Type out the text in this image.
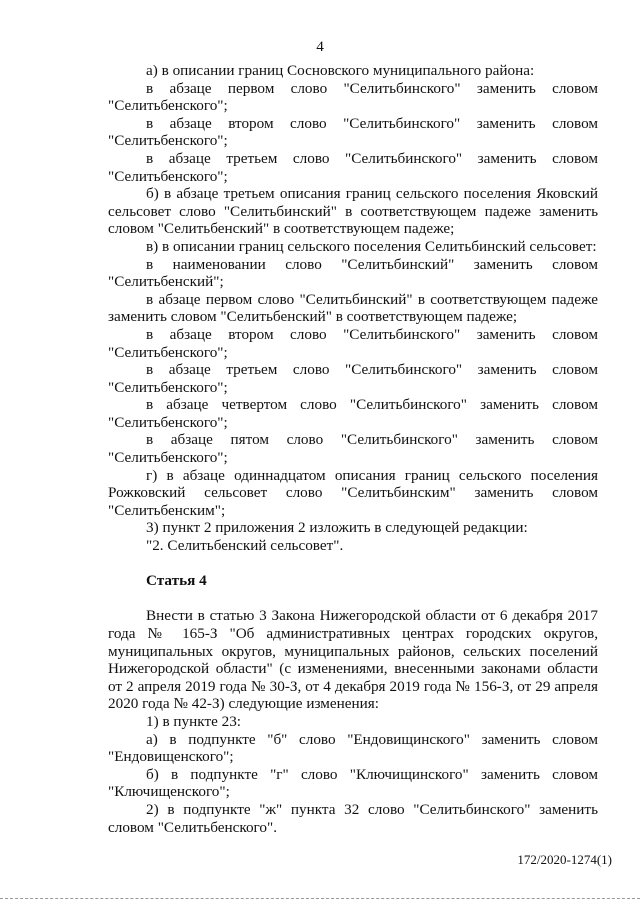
4

а) в описании границ Сосновского муниципального района:

в абзаце первом слово "Селитьбинского" заменить словом

"Селитьбенского";

в абзаце втором слово "Селитьбинского" заменить словом

"Селитьбенского";

в абзаце третьем слово "Селитьбинского" заменить словом

"Селитьбенского";

б) в абзаце третьем описания границ сельского поселения Яковский сельсовет слово "Селитьбинский" в соответствующем падеже заменить словом "Селитьбенский" в соответствующем падеже;

в) в описании границ сельского поселения Селитьбинский сельсовет:

в наименовании слово "Селитьбинский" заменить словом

"Селитьбенский";

в абзаце первом слово "Селитьбинский" в соответствующем падеже заменить словом "Селитьбенский" в соответствующем падеже;

в абзаце втором слово "Селитьбинского" заменить словом

"Селитьбенского";

в абзаце третьем слово "Селитьбинского" заменить словом

"Селитьбенского";

в абзаце четвертом слово "Селитьбинского" заменить словом

"Селитьбенского";

в абзаце пятом слово "Селитьбинского" заменить словом

"Селитьбенского";

г) в абзаце одиннадцатом описания границ сельского поселения Рожковский сельсовет слово "Селитьбинским" заменить словом "Селитьбенским";

3) пункт 2 приложения 2 изложить в следующей редакции:

"2. Селитьбенский сельсовет".

Статья 4

Внести в статью 3 Закона Нижегородской области от 6 декабря 2017 года № 165-З "Об административных центрах городских округов, муниципальных округов, муниципальных районов, сельских поселений Нижегородской области" (с изменениями, внесенными законами области от 2 апреля 2019 года № 30-З, от 4 декабря 2019 года № 156-З, от 29 апреля 2020 года № 42-З) следующие изменения:

1) в пункте 23:

а) в подпункте "б" слово "Ендовищинского" заменить словом "Ендовищенского";

б) в подпункте "г" слово "Ключищинского" заменить словом "Ключищенского";

2) в подпункте "ж" пункта 32 слово "Селитьбинского" заменить словом "Селитьбенского".

172/2020-1274(1)
